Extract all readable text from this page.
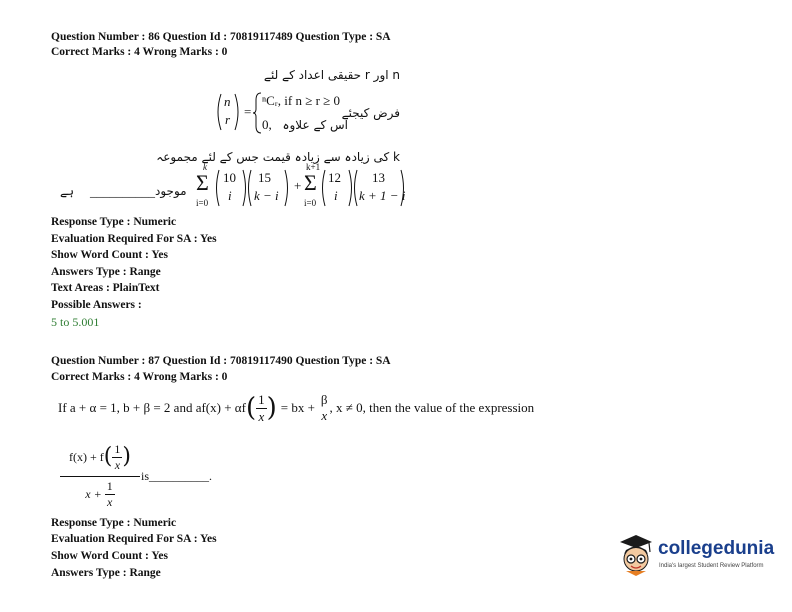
Question Number : 86 Question Id : 70819117489 Question Type : SA
Correct Marks : 4 Wrong Marks : 0
n اور r حقیقی اعداد کے لئے
n
r
=
ⁿCᵣ, if n ≥ r ≥ 0
0,
فرض کیجئے
اس کے علاوہ
k کی زیادہ سے زیادہ قیمت جس کے لئے مجموعہ
ہے __________ موجود
k
Σ
i=0
10
i
15
k − i
+
k+1
Σ
i=0
12
i
13
k + 1 − i
Response Type : Numeric
Evaluation Required For SA : Yes
Show Word Count : Yes
Answers Type : Range
Text Areas : PlainText
Possible Answers :
5 to 5.001
Question Number : 87 Question Id : 70819117490 Question Type : SA
Correct Marks : 4 Wrong Marks : 0
If a + α = 1, b + β = 2 and af(x) + αf ( $\frac{1}{x}$ ) = bx +
β
x
, x ≠ 0, then the value of the expression
f(x) + f ( $\frac{1}{x}$ )
$x + \frac{1}{x}$
is__________.
Response Type : Numeric
Evaluation Required For SA : Yes
Show Word Count : Yes
Answers Type : Range
collegedunia
India's largest Student Review Platform
